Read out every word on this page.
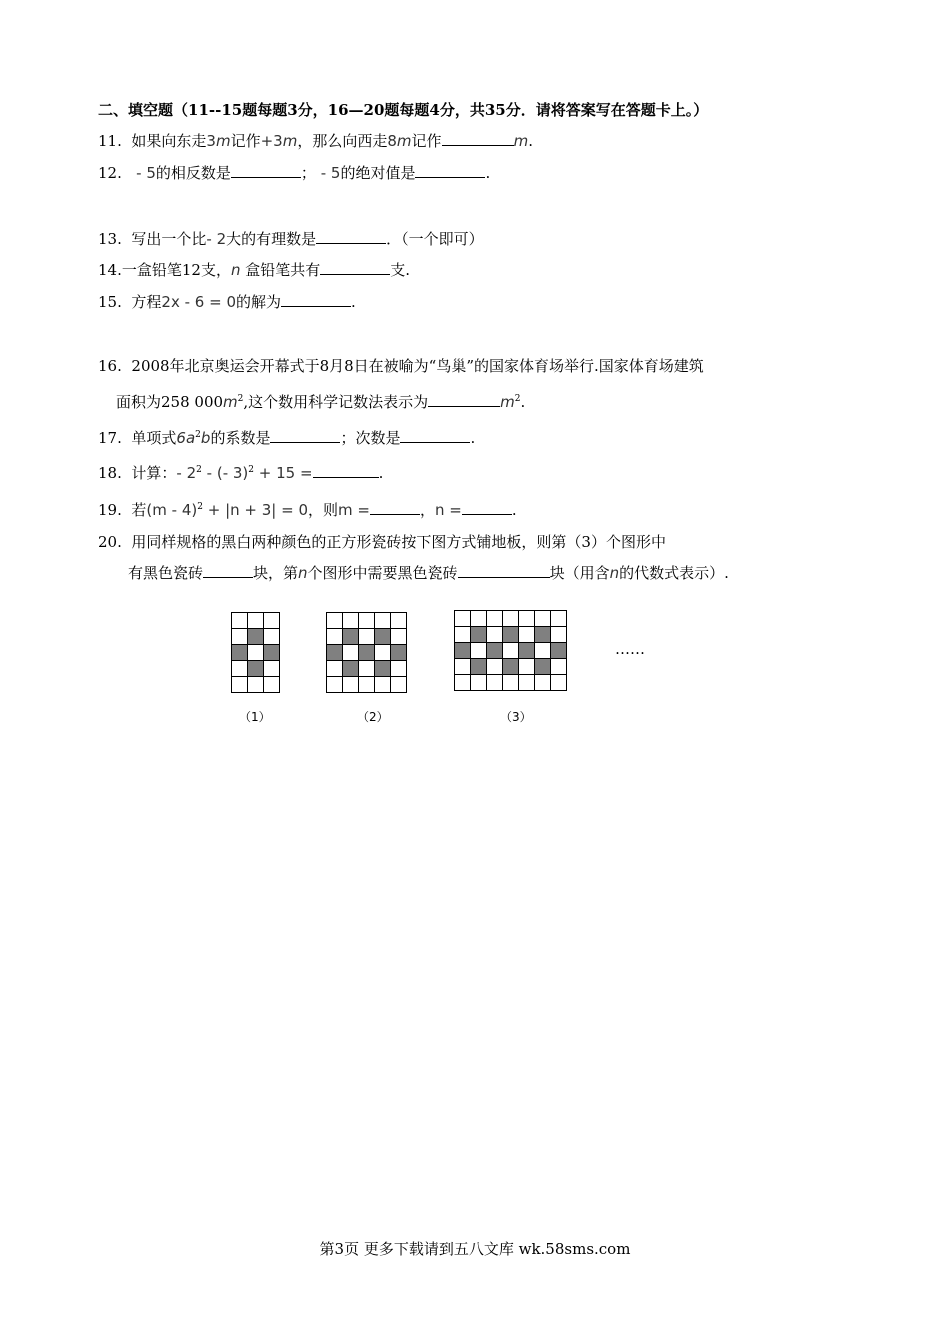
二、填空题（11--15题每题3分，16—20题每题4分，共35分．请将答案写在答题卡上。）
11. 如果向东走3m记作+3m，那么向西走8m记作	m.
12. - 5的相反数是	； - 5的绝对值是	.
13. 写出一个比- 2大的有理数是	．（一个即可）
14.一盒铅笔12支，n 盒铅笔共有	支.
15. 方程2x - 6 = 0的解为	.
16. 2008年北京奥运会开幕式于8月8日在被喻为“鸟巢”的国家体育场举行.国家体育场建筑
面积为258 $000m^2$,这个数用科学记数法表示为	$m^2$.
17. 单项式$6a^2b$的系数是	；次数是	.
18. 计算：- $2^2$ - (- 3)$^2$ + 15 =	.
19. 若(m - 4)$^2$ + |n + 3| = 0，则m =	，n =	.
20. 用同样规格的黑白两种颜色的正方形瓷砖按下图方式铺地板，则第（3）个图形中
有黑色瓷砖	块，第n个图形中需要黑色瓷砖	块（用含n的代数式表示）.

……
（1）	（2）	（3）
第3页 更多下载请到五八文库 wk.58sms.com
